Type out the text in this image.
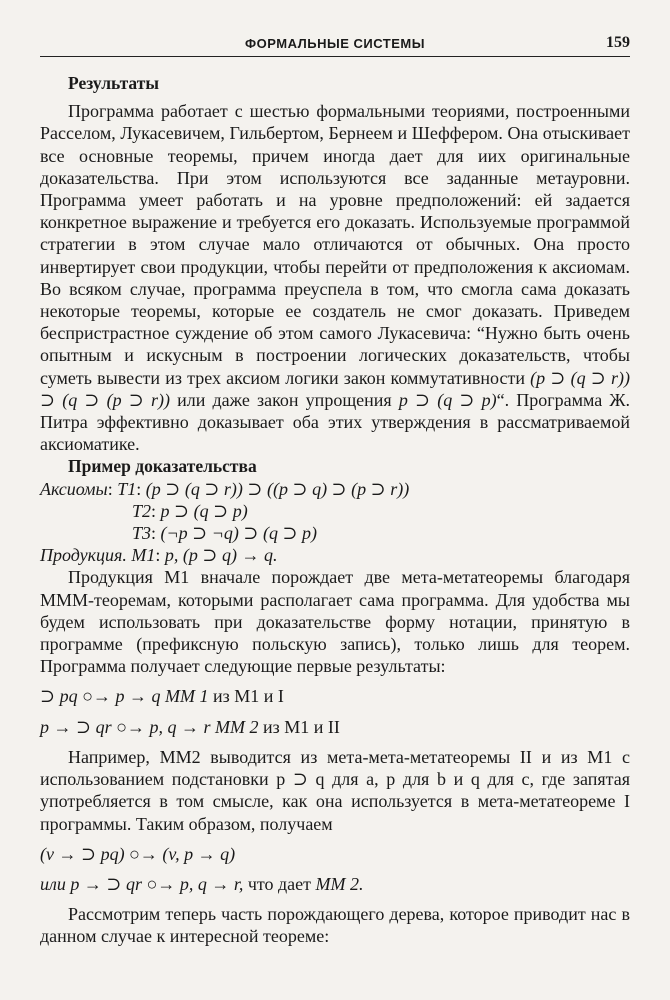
ФОРМАЛЬНЫЕ СИСТЕМЫ	159
Результаты

Программа работает с шестью формальными теориями, построенными Расселом, Лукасевичем, Гильбертом, Бернеем и Шеффером. Она отыскивает все основные теоремы, причем иногда дает для иих оригинальные доказательства. При этом используются все заданные метауровни. Программа умеет работать и на уровне предположений: ей задается конкретное выражение и требуется его доказать. Используемые программой стратегии в этом случае мало отличаются от обычных. Она просто инвертирует свои продукции, чтобы перейти от предположения к аксиомам. Во всяком случае, программа преуспела в том, что смогла сама доказать некоторые теоремы, которые ее создатель не смог доказать. Приведем беспристрастное суждение об этом самого Лукасевича: “Нужно быть очень опытным и искусным в построении логических доказательств, чтобы суметь вывести из трех аксиом логики закон коммутативности (p ⊃ (q ⊃ r)) ⊃ (q ⊃ (p ⊃ r)) или даже закон упрощения p ⊃ (q ⊃ p)“. Программа Ж. Питра эффективно доказывает оба этих утверждения в рассматриваемой аксиоматике.

Пример доказательства
Аксиомы: T1: (p ⊃ (q ⊃ r)) ⊃ ((p ⊃ q) ⊃ (p ⊃ r))
T2: p ⊃ (q ⊃ p)
T3: (¬p ⊃ ¬q) ⊃ (q ⊃ p)
Продукция. M1: p, (p ⊃ q) → q.

Продукция M1 вначале порождает две мета-метатеоремы благодаря МММ-теоремам, которыми располагает сама программа. Для удобства мы будем использовать при доказательстве форму нотации, принятую в программе (префиксную польскую запись), только лишь для теорем. Программа получает следующие первые результаты:

⊃ pq ○→ p → q MM 1 из M1 и I
p → ⊃ qr ○→ p, q → r MM 2 из M1 и II

Например, MM2 выводится из мета-мета-метатеоремы II и из M1 с использованием подстановки p ⊃ q для a, p для b и q для c, где запятая употребляется в том смысле, как она используется в мета-метатеореме I программы. Таким образом, получаем

(v → ⊃ pq) ○→ (v, p → q)
или p → ⊃ qr ○→ p, q → r, что дает MM 2.

Рассмотрим теперь часть порождающего дерева, которое приводит нас в данном случае к интересной теореме:
